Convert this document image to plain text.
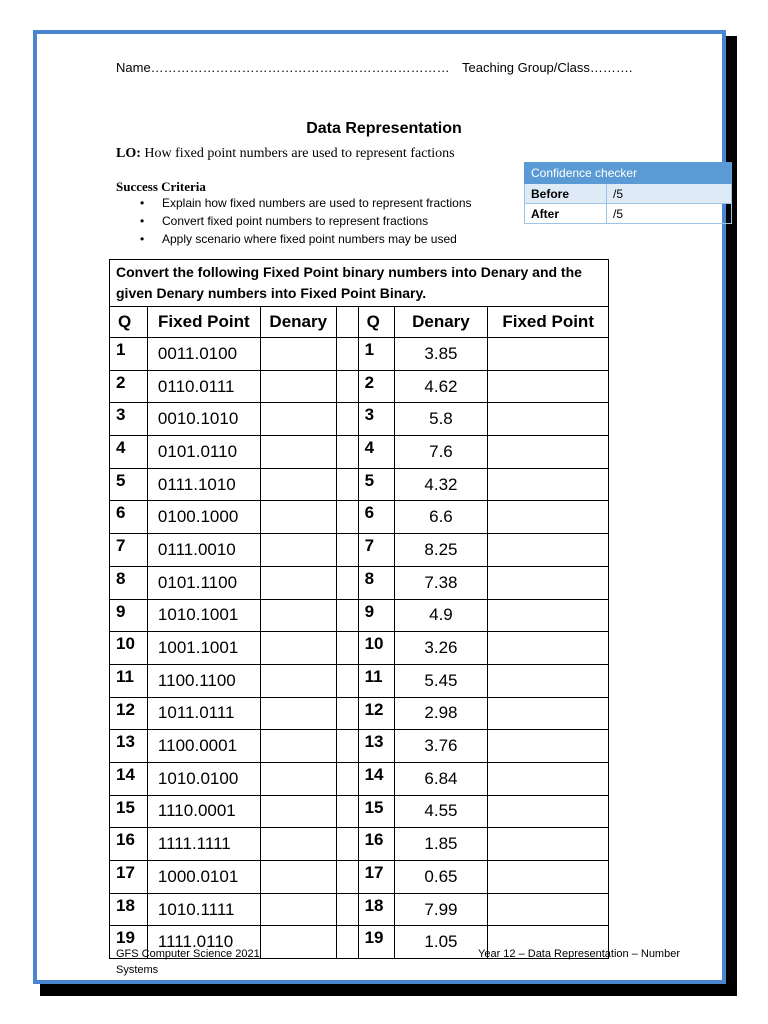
Name…………………………………………………………… Teaching Group/Class……….
Data Representation
LO: How fixed point numbers are used to represent factions
Success Criteria
• Explain how fixed numbers are used to represent fractions
• Convert fixed point numbers to represent fractions
• Apply scenario where fixed point numbers may be used
Confidence checker	
Before	/5
After	/5
Convert the following Fixed Point binary numbers into Denary and the given Denary numbers into Fixed Point Binary.						
Q	Fixed Point	Denary		Q	Denary	Fixed Point
1	0011.0100			1	3.85	
2	0110.0111			2	4.62	
3	0010.1010			3	5.8	
4	0101.0110			4	7.6	
5	0111.1010			5	4.32	
6	0100.1000			6	6.6	
7	0111.0010			7	8.25	
8	0101.1100			8	7.38	
9	1010.1001			9	4.9	
10	1001.1001			10	3.26	
11	1100.1100			11	5.45	
12	1011.0111			12	2.98	
13	1100.0001			13	3.76	
14	1010.0100			14	6.84	
15	1110.0001			15	4.55	
16	1111.1111			16	1.85	
17	1000.0101			17	0.65	
18	1010.1111			18	7.99	
19	1111.0110			19	1.05	
GFS Computer Science 2021	Year 12 – Data Representation – Number
Systems
